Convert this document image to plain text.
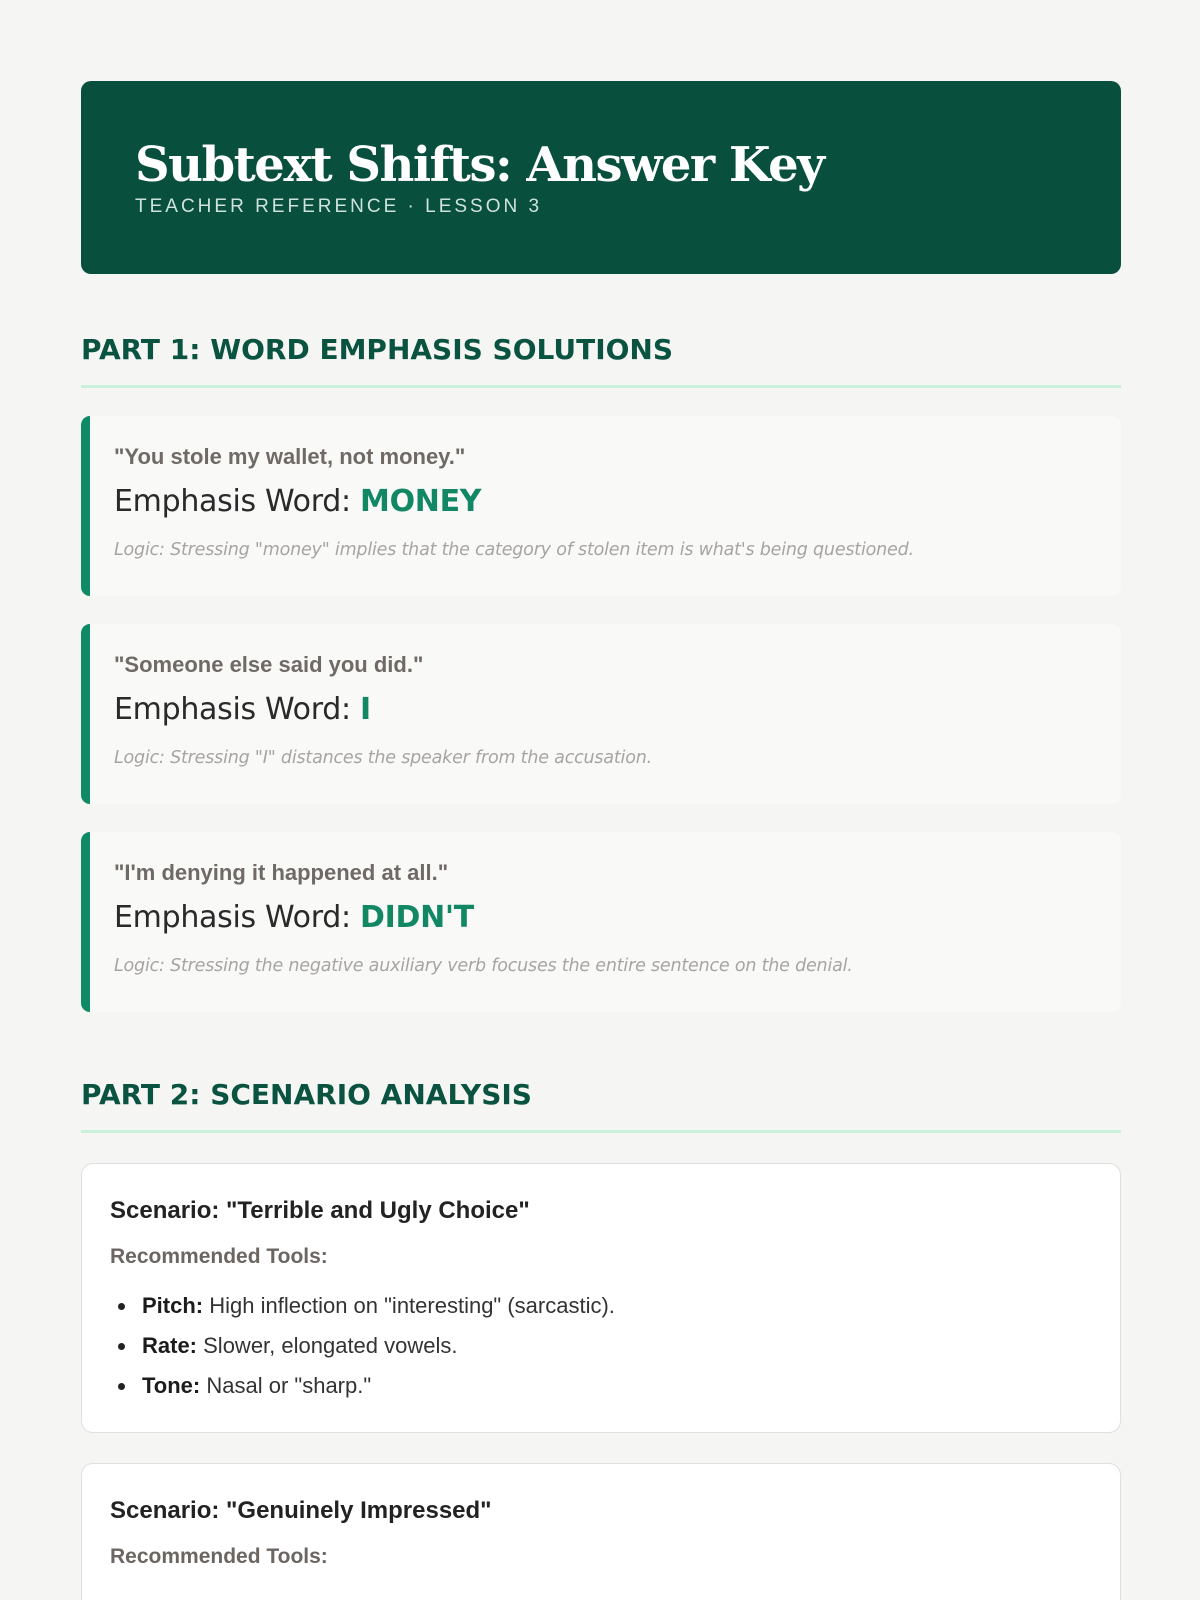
Subtext Shifts: Answer Key
TEACHER REFERENCE · LESSON 3
PART 1: WORD EMPHASIS SOLUTIONS
"You stole my wallet, not money."
Emphasis Word: MONEY
Logic: Stressing "money" implies that the category of stolen item is what's being questioned.
"Someone else said you did."
Emphasis Word: I
Logic: Stressing "I" distances the speaker from the accusation.
"I'm denying it happened at all."
Emphasis Word: DIDN'T
Logic: Stressing the negative auxiliary verb focuses the entire sentence on the denial.
PART 2: SCENARIO ANALYSIS
Scenario: "Terrible and Ugly Choice"
Recommended Tools:
Pitch: High inflection on "interesting" (sarcastic).
Rate: Slower, elongated vowels.
Tone: Nasal or "sharp."
Scenario: "Genuinely Impressed"
Recommended Tools:
